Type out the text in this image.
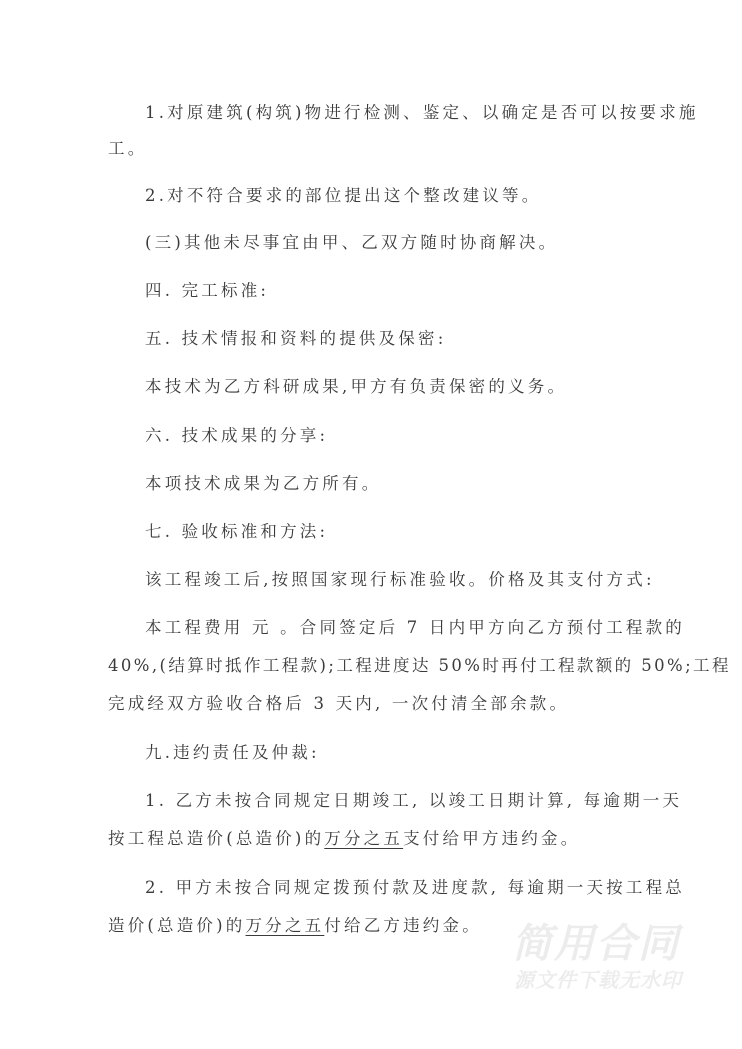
1.对原建筑(构筑)物进行检测、鉴定、以确定是否可以按要求施
工。
2.对不符合要求的部位提出这个整改建议等。
(三)其他未尽事宜由甲、乙双方随时协商解决。
四. 完工标准:
五. 技术情报和资料的提供及保密:
本技术为乙方科研成果,甲方有负责保密的义务。
六. 技术成果的分享:
本项技术成果为乙方所有。
七. 验收标准和方法:
该工程竣工后,按照国家现行标准验收。价格及其支付方式:
本工程费用 元 。合同签定后 7 日内甲方向乙方预付工程款的
40%,(结算时抵作工程款);工程进度达 50%时再付工程款额的 50%;工程
完成经双方验收合格后 3 天内, 一次付清全部余款。
九.违约责任及仲裁:
1. 乙方未按合同规定日期竣工, 以竣工日期计算, 每逾期一天
按工程总造价(总造价)的万分之五支付给甲方违约金。
2. 甲方未按合同规定拨预付款及进度款, 每逾期一天按工程总
造价(总造价)的万分之五付给乙方违约金。 简用合同
源文件下载无水印
